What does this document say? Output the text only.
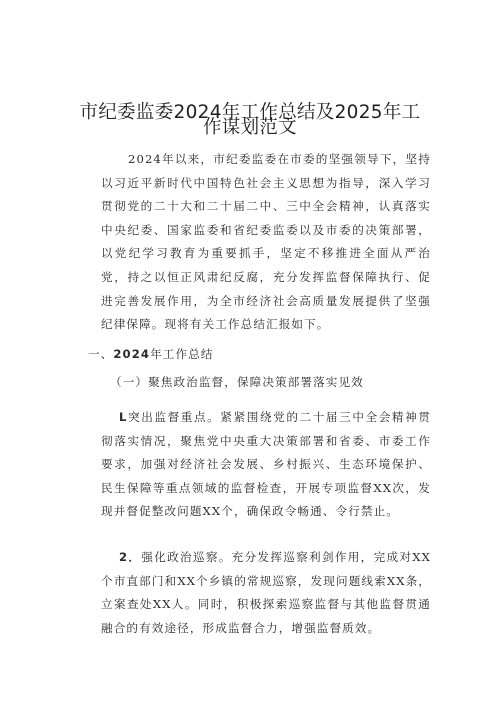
市纪委监委2024年工作总结及2025年工
作谋划范文
2024年以来，市纪委监委在市委的坚强领导下，坚持以习近平新时代中国特色社会主义思想为指导，深入学习贯彻党的二十大和二十届二中、三中全会精神，认真落实中央纪委、国家监委和省纪委监委以及市委的决策部署，以党纪学习教育为重要抓手，坚定不移推进全面从严治党，持之以恒正风肃纪反腐，充分发挥监督保障执行、促进完善发展作用，为全市经济社会高质量发展提供了坚强纪律保障。现将有关工作总结汇报如下。
一、2024年工作总结
（一）聚焦政治监督，保障决策部署落实见效
L突出监督重点。紧紧围绕党的二十届三中全会精神贯彻落实情况，聚焦党中央重大决策部署和省委、市委工作要求，加强对经济社会发展、乡村振兴、生态环境保护、民生保障等重点领域的监督检查，开展专项监督XX次，发现并督促整改问题XX个，确保政令畅通、令行禁止。
2．强化政治巡察。充分发挥巡察利剑作用，完成对XX个市直部门和XX个乡镇的常规巡察，发现问题线索XX条，立案查处XX人。同时，积极探索巡察监督与其他监督贯通融合的有效途径，形成监督合力，增强监督质效。
